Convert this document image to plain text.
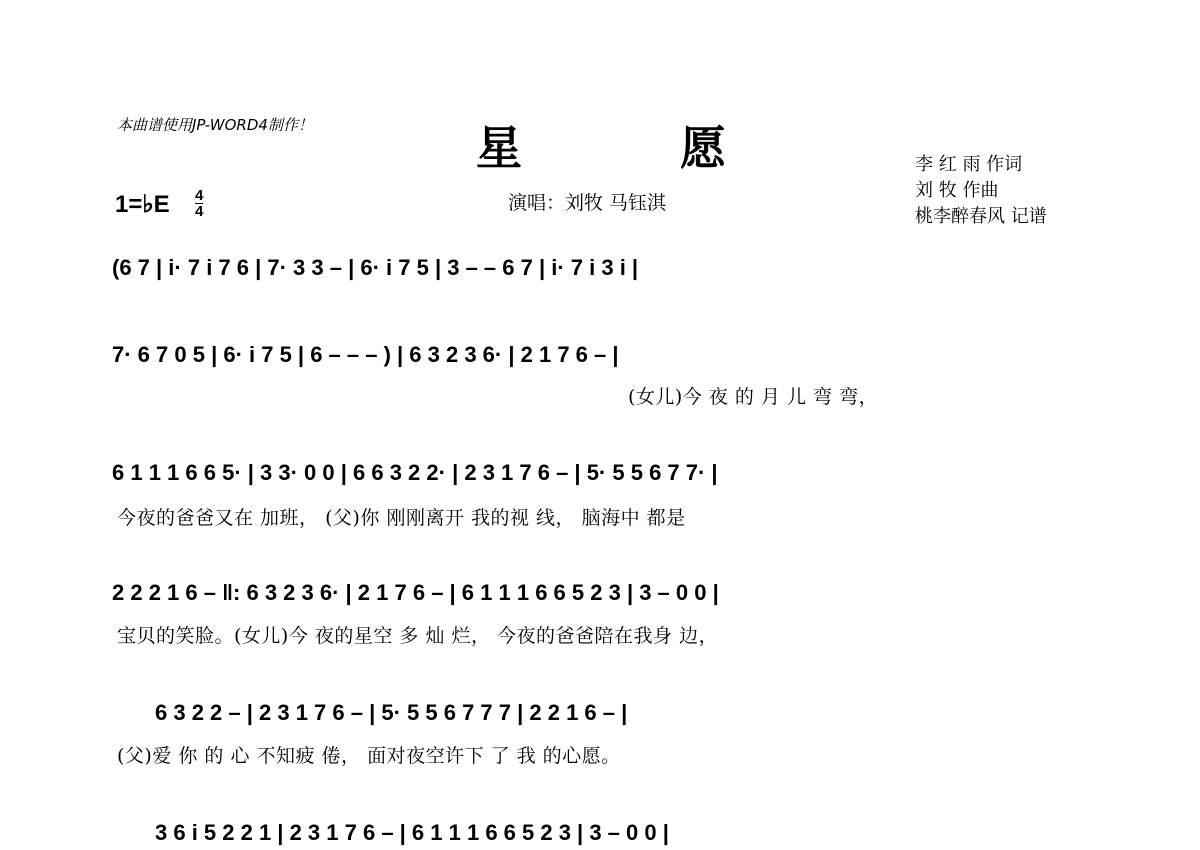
本曲谱使用JP-WORD4制作！	星	愿
1=♭E 4
4	演唱：刘牧 马钰淇
李 红 雨 作词
刘 牧 作曲
桃李醉春风 记谱
(6 7 | i· 7 i 7 6 | 7· 3 3 – | 6· i 7 5 | 3 – – 6 7 | i· 7 i 3 i |
7· 6 7 0 5 | 6· i 7 5 | 6 – – – ) | 6 3 2 3 6· | 2 1 7 6 – |
(女儿)今 夜 的 月 儿 弯 弯，
6 1 1 1 6 6 5· | 3 3· 0 0 | 6 6 3 2 2· | 2 3 1 7 6 – | 5· 5 5 6 7 7· |
今夜的爸爸又在 加班， (父)你 刚刚离开 我的视 线， 脑海中 都是
2 2 2 1 6 – ‖: 6 3 2 3 6· | 2 1 7 6 – | 6 1 1 1 6 6 5 2 3 | 3 – 0 0 |
宝贝的笑脸。(女儿)今 夜的星空 多 灿 烂， 今夜的爸爸陪在我身 边，
6 3 2 2 – | 2 3 1 7 6 – | 5· 5 5 6 7 7 7 | 2 2 1 6 – |
(父)爱 你 的 心 不知疲 倦， 面对夜空许下 了 我 的心愿。
3 6 i 5 2 2 1 | 2 3 1 7 6 – | 6 1 1 1 6 6 5 2 3 | 3 – 0 0 |
